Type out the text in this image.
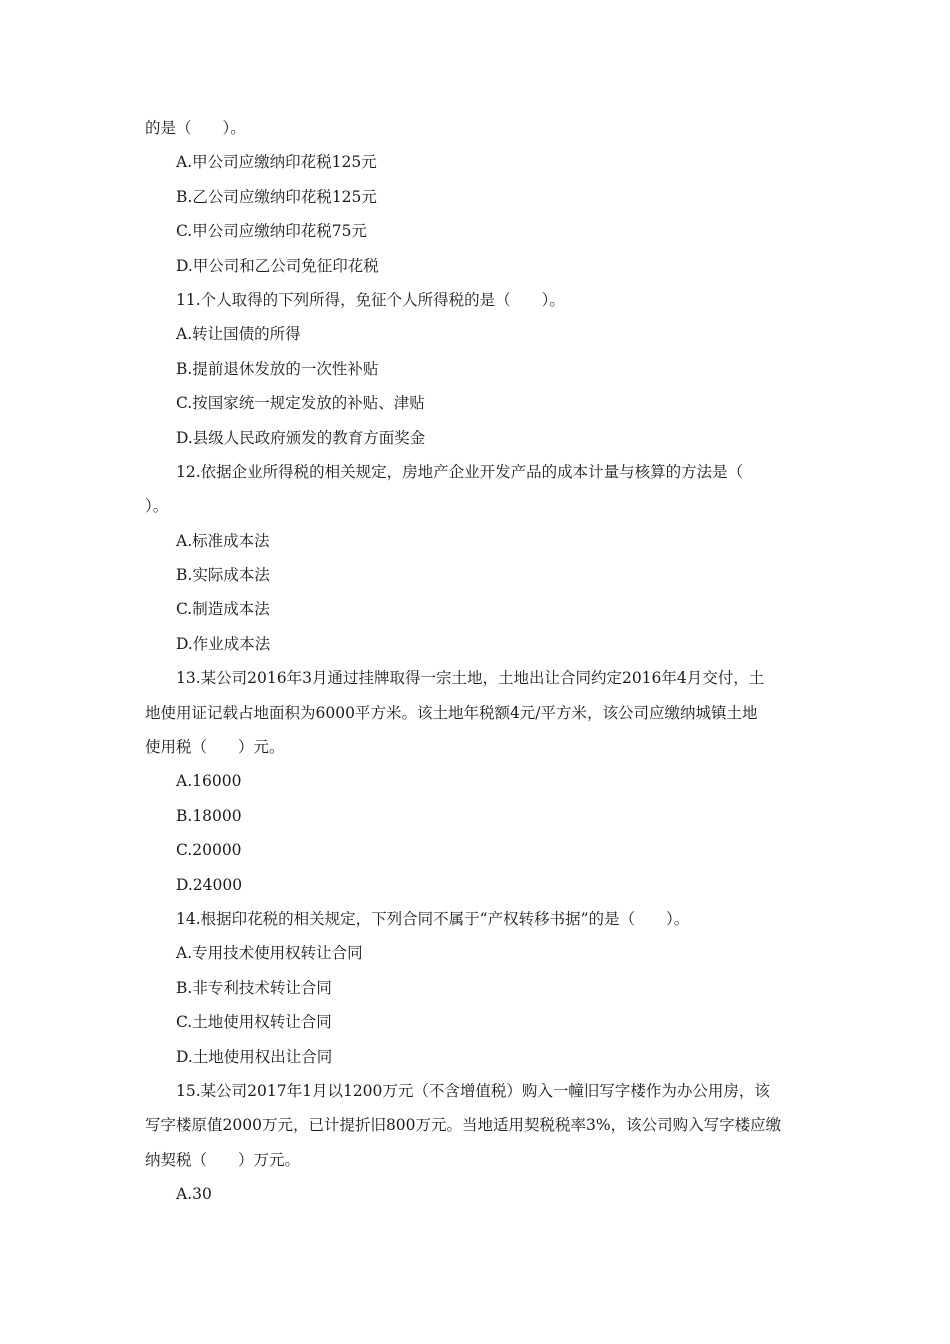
的是（　　）。
A.甲公司应缴纳印花税125元
B.乙公司应缴纳印花税125元
C.甲公司应缴纳印花税75元
D.甲公司和乙公司免征印花税
11.个人取得的下列所得，免征个人所得税的是（　　）。
A.转让国债的所得
B.提前退休发放的一次性补贴
C.按国家统一规定发放的补贴、津贴
D.县级人民政府颁发的教育方面奖金
12.依据企业所得税的相关规定，房地产企业开发产品的成本计量与核算的方法是（
）。
A.标准成本法
B.实际成本法
C.制造成本法
D.作业成本法
13.某公司2016年3月通过挂牌取得一宗土地，土地出让合同约定2016年4月交付，土
地使用证记载占地面积为6000平方米。该土地年税额4元/平方米，该公司应缴纳城镇土地
使用税（　　）元。
A.16000
B.18000
C.20000
D.24000
14.根据印花税的相关规定，下列合同不属于“产权转移书据”的是（　　）。
A.专用技术使用权转让合同
B.非专利技术转让合同
C.土地使用权转让合同
D.土地使用权出让合同
15.某公司2017年1月以1200万元（不含增值税）购入一幢旧写字楼作为办公用房，该
写字楼原值2000万元，已计提折旧800万元。当地适用契税税率3%，该公司购入写字楼应缴
纳契税（　　）万元。
A.30
